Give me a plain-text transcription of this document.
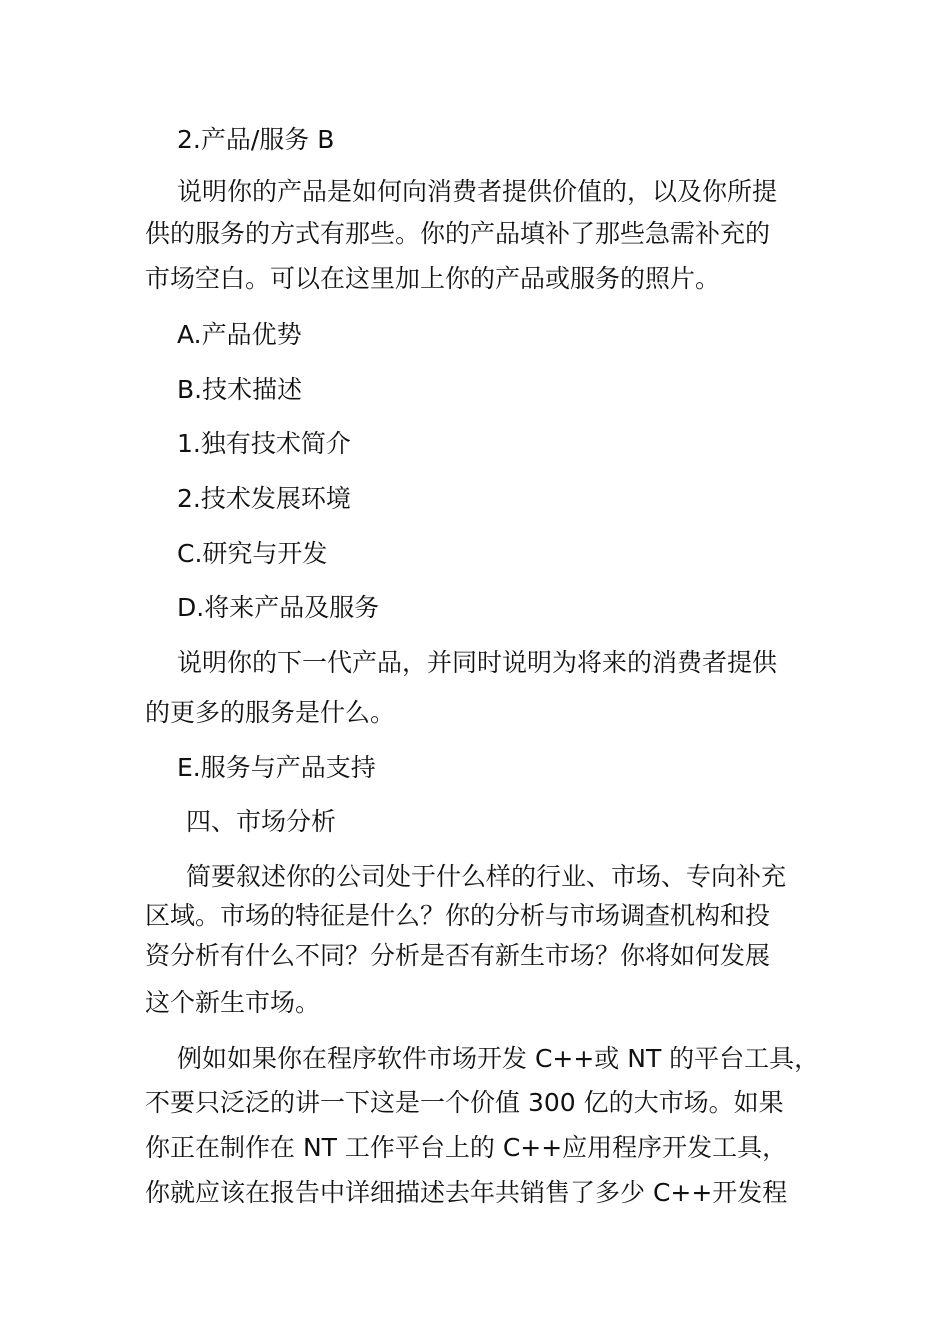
2.产品/服务 B
说明你的产品是如何向消费者提供价值的，以及你所提
供的服务的方式有那些。你的产品填补了那些急需补充的
市场空白。可以在这里加上你的产品或服务的照片。
A.产品优势
B.技术描述
1.独有技术简介
2.技术发展环境
C.研究与开发
D.将来产品及服务
说明你的下一代产品，并同时说明为将来的消费者提供
的更多的服务是什么。
E.服务与产品支持
四、市场分析
简要叙述你的公司处于什么样的行业、市场、专向补充
区域。市场的特征是什么？你的分析与市场调查机构和投
资分析有什么不同？分析是否有新生市场？你将如何发展
这个新生市场。
例如如果你在程序软件市场开发 C++或 NT 的平台工具，
不要只泛泛的讲一下这是一个价值 300 亿的大市场。如果
你正在制作在 NT 工作平台上的 C++应用程序开发工具，
你就应该在报告中详细描述去年共销售了多少 C++开发程
